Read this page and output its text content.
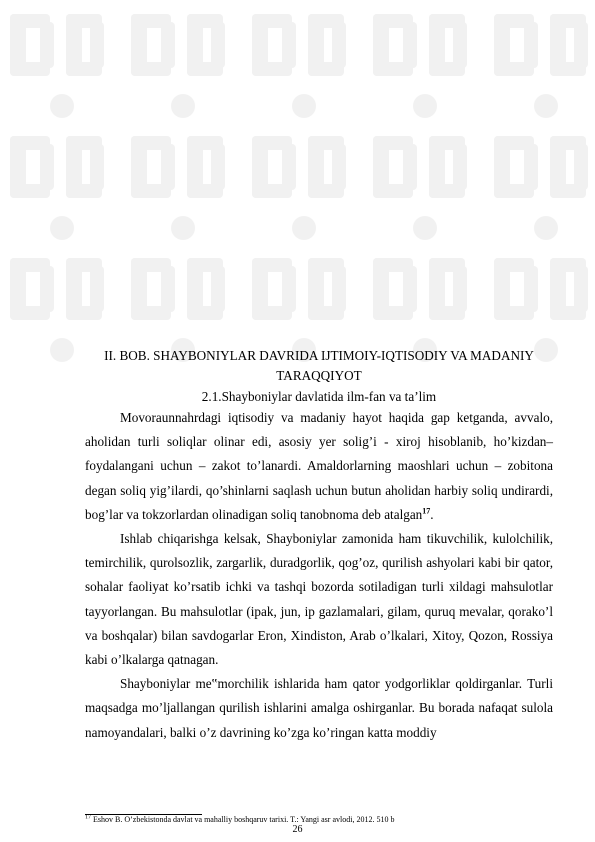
II. BOB. SHAYBONIYLAR DAVRIDA IJTIMOIY-IQTISODIY VA MADANIY
TARAQQIYOT
2.1.Shayboniylar davlatida ilm-fan va ta’lim

Movoraunnahrdagi iqtisodiy va madaniy hayot haqida gap ketganda, avvalo, aholidan turli soliqlar olinar edi, asosiy yer solig’i - xiroj hisoblanib, ho’kizdan–foydalangani uchun – zakot to’lanardi. Amaldorlarning maoshlari uchun – zobitona degan soliq yig’ilardi, qo’shinlarni saqlash uchun butun aholidan harbiy soliq undirardi, bog’lar va tokzorlardan olinadigan soliq tanobnoma deb atalgan$^{17}$.

Ishlab chiqarishga kelsak, Shayboniylar zamonida ham tikuvchilik, kulolchilik, temirchilik, qurolsozlik, zargarlik, duradgorlik, qog’oz, qurilish ashyolari kabi bir qator, sohalar faoliyat ko’rsatib ichki va tashqi bozorda sotiladigan turli xildagi mahsulotlar tayyorlangan. Bu mahsulotlar (ipak, jun, ip gazlamalari, gilam, quruq mevalar, qorako’l va boshqalar) bilan savdogarlar Eron, Xindiston, Arab o’lkalari, Xitoy, Qozon, Rossiya kabi o’lkalarga qatnagan.

Shayboniylar me‟morchilik ishlarida ham qator yodgorliklar qoldirganlar. Turli maqsadga mo’ljallangan qurilish ishlarini amalga oshirganlar. Bu borada nafaqat sulola namoyandalari, balki o’z davrining ko’zga ko’ringan katta moddiy

$^{17}$ Eshov B. O’zbekistonda davlat va mahalliy boshqaruv tarixi. T.: Yangi asr avlodi, 2012. 510 b
26
